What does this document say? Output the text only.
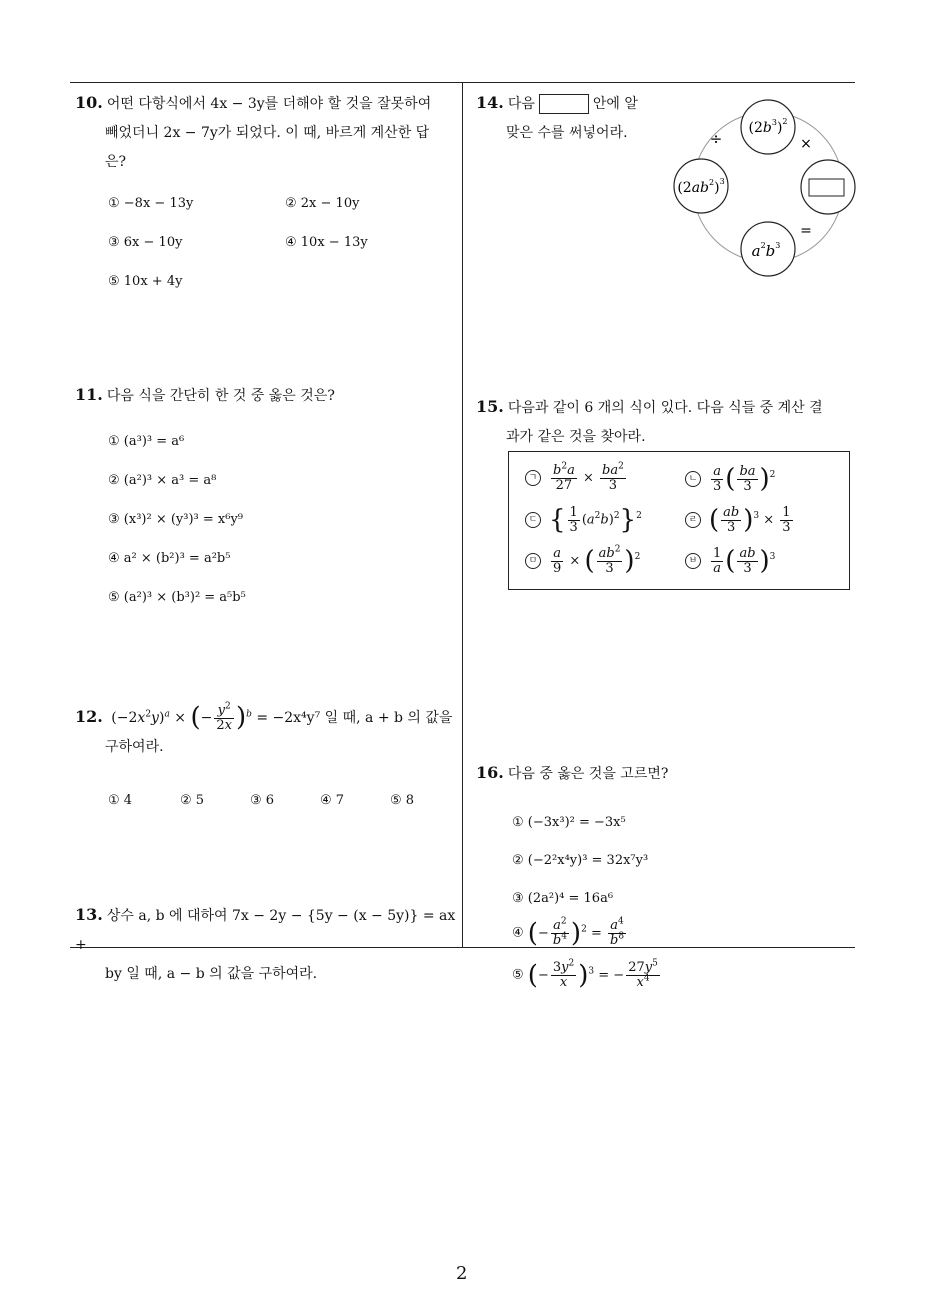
2
10. 어떤 다항식에서 4x − 3y를 더해야 할 것을 잘못하여
빼었더니 2x − 7y가 되었다. 이 때, 바르게 계산한 답
은?
① −8x − 13y	② 2x − 10y
③ 6x − 10y	④ 10x − 13y
⑤ 10x + 4y
11. 다음 식을 간단히 한 것 중 옳은 것은?
① (a³)³ = a⁶
② (a²)³ × a³ = a⁸
③ (x³)² × (y³)³ = x⁶y⁹
④ a² × (b²)³ = a²b⁵
⑤ (a²)³ × (b³)² = a⁵b⁵
12. $(-2x^2y)^a$ × (− $\frac{y^2}{2x} )^b = -2x^4y^7$ 일 때, a + b 의 값을
구하여라.
① 4	② 5	③ 6	④ 7	⑤ 8
13. 상수 a, b 에 대하여 7x − 2y − {5y − (x − 5y)} = ax +
by 일 때, a − b 의 값을 구하여라.
14. 다음	안에 알
맞은 수를 써넣어라.	$(2b^3)^2$
$(2ab^2)^3$
$a^2b^3$
÷	×
=
15. 다음과 같이 6 개의 식이 있다. 다음 식들 중 계산 결
과가 같은 것을 찾아라.
ㄱ $\frac{b^2a}{27} \times \frac{ba^2}{3}$	ㄴ $\frac{a}{3}$ ( $\frac{ba}{3} )^2$
ㄷ { $\frac{1}{3} (a^2b)^2\}^2$	ㄹ ( $\frac{ab}{3} )^3 \times \frac{1}{3}$
ㅁ $\frac{a}{9}$ × ( $\frac{ab^2}{3} )^2$	ㅂ $\frac{1}{a}$ ( $\frac{ab}{3} )^3$
16. 다음 중 옳은 것을 고르면?
① (−3x³)² = −3x⁵
② (−2²x⁴y)³ = 32x⁷y³
③ (2a²)⁴ = 16a⁶
④ (− $\frac{a^2}{b^4} )^2 = \frac{a^4}{b^8}$
⑤ (− $\frac{3y^2}{x} )^3$ = − $\frac{27y^5}{x^4}$
